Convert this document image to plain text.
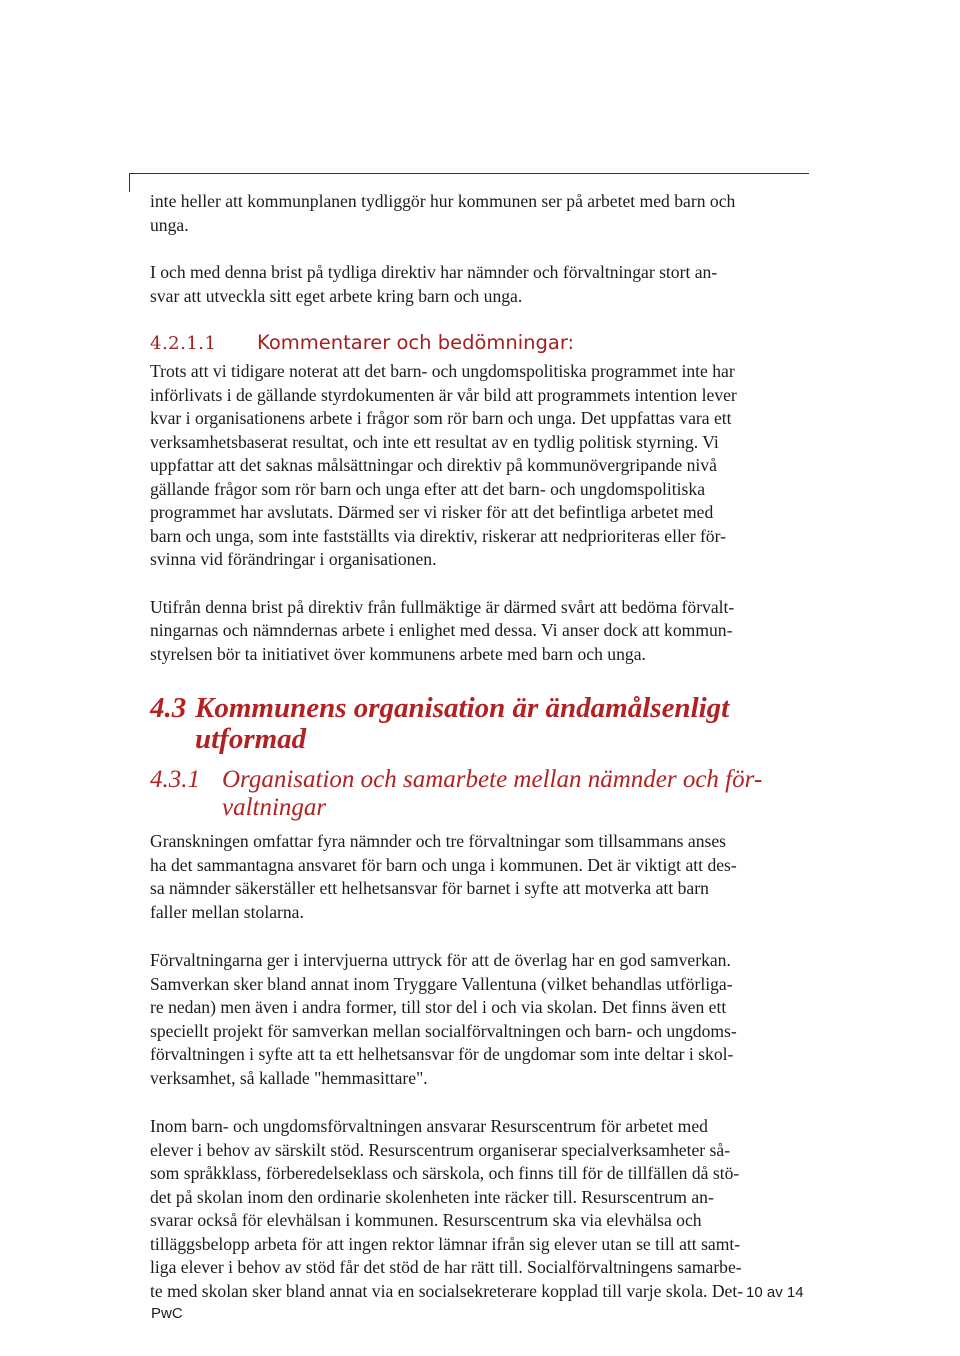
inte heller att kommunplanen tydliggör hur kommunen ser på arbetet med barn och
unga.

I och med denna brist på tydliga direktiv har nämnder och förvaltningar stort an-
svar att utveckla sitt eget arbete kring barn och unga.

4.2.1.1	Kommentarer och bedömningar:

Trots att vi tidigare noterat att det barn- och ungdomspolitiska programmet inte har
införlivats i de gällande styrdokumenten är vår bild att programmets intention lever
kvar i organisationens arbete i frågor som rör barn och unga. Det uppfattas vara ett
verksamhetsbaserat resultat, och inte ett resultat av en tydlig politisk styrning. Vi
uppfattar att det saknas målsättningar och direktiv på kommunövergripande nivå
gällande frågor som rör barn och unga efter att det barn- och ungdomspolitiska
programmet har avslutats. Därmed ser vi risker för att det befintliga arbetet med
barn och unga, som inte fastställts via direktiv, riskerar att nedprioriteras eller för-
svinna vid förändringar i organisationen.

Utifrån denna brist på direktiv från fullmäktige är därmed svårt att bedöma förvalt-
ningarnas och nämndernas arbete i enlighet med dessa. Vi anser dock att kommun-
styrelsen bör ta initiativet över kommunens arbete med barn och unga.

4.3 Kommunens organisation är ändamålsenligt utformad
4.3.1 Organisation och samarbete mellan nämnder och för-
valtningar

Granskningen omfattar fyra nämnder och tre förvaltningar som tillsammans anses
ha det sammantagna ansvaret för barn och unga i kommunen. Det är viktigt att des-
sa nämnder säkerställer ett helhetsansvar för barnet i syfte att motverka att barn
faller mellan stolarna.

Förvaltningarna ger i intervjuerna uttryck för att de överlag har en god samverkan.
Samverkan sker bland annat inom Tryggare Vallentuna (vilket behandlas utförliga-
re nedan) men även i andra former, till stor del i och via skolan. Det finns även ett
speciellt projekt för samverkan mellan socialförvaltningen och barn- och ungdoms-
förvaltningen i syfte att ta ett helhetsansvar för de ungdomar som inte deltar i skol-
verksamhet, så kallade "hemmasittare".

Inom barn- och ungdomsförvaltningen ansvarar Resurscentrum för arbetet med
elever i behov av särskilt stöd. Resurscentrum organiserar specialverksamheter så-
som språkklass, förberedelseklass och särskola, och finns till för de tillfällen då stö-
det på skolan inom den ordinarie skolenheten inte räcker till. Resurscentrum an-
svarar också för elevhälsan i kommunen. Resurscentrum ska via elevhälsa och
tilläggsbelopp arbeta för att ingen rektor lämnar ifrån sig elever utan se till att samt-
liga elever i behov av stöd får det stöd de har rätt till. Socialförvaltningens samarbe-
te med skolan sker bland annat via en socialsekreterare kopplad till varje skola. Det- 10 av 14
PwC
